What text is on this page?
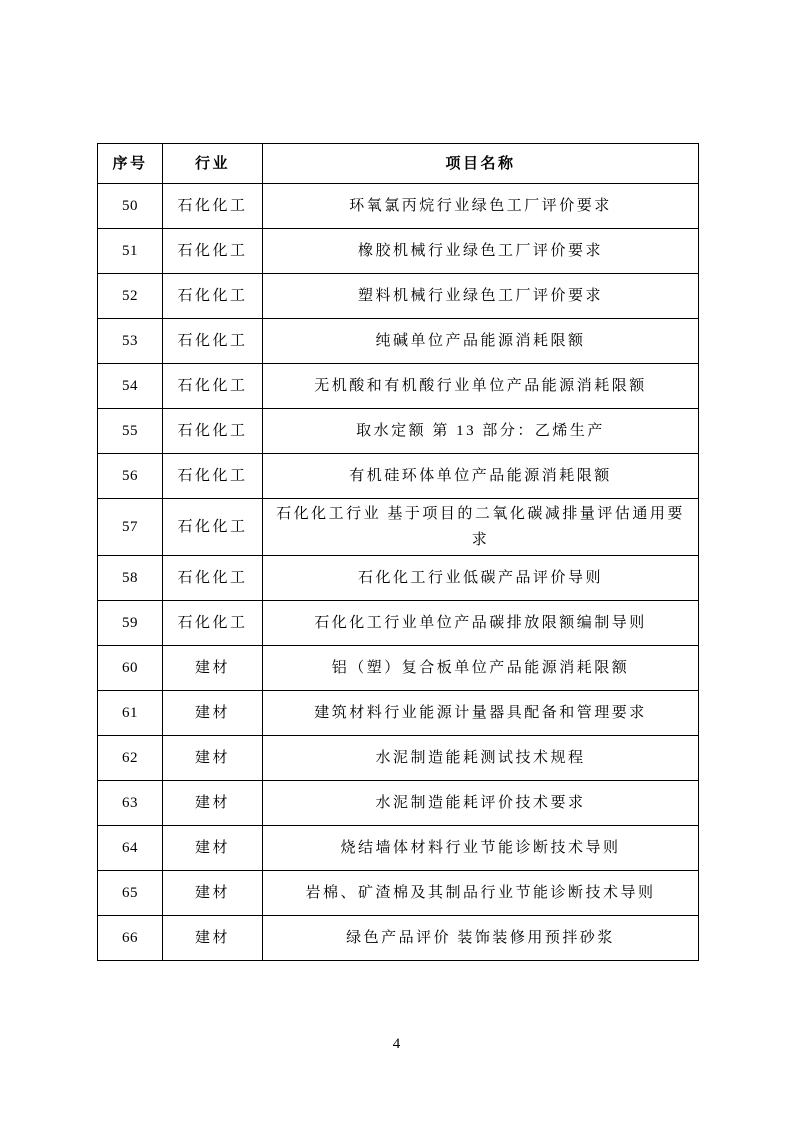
序号	行业	项目名称
50	石化化工	环氧氯丙烷行业绿色工厂评价要求
51	石化化工	橡胶机械行业绿色工厂评价要求
52	石化化工	塑料机械行业绿色工厂评价要求
53	石化化工	纯碱单位产品能源消耗限额
54	石化化工	无机酸和有机酸行业单位产品能源消耗限额
55	石化化工	取水定额 第 13 部分：乙烯生产
56	石化化工	有机硅环体单位产品能源消耗限额
57	石化化工	石化化工行业 基于项目的二氧化碳减排量评估通用要求
58	石化化工	石化化工行业低碳产品评价导则
59	石化化工	石化化工行业单位产品碳排放限额编制导则
60	建材	铝（塑）复合板单位产品能源消耗限额
61	建材	建筑材料行业能源计量器具配备和管理要求
62	建材	水泥制造能耗测试技术规程
63	建材	水泥制造能耗评价技术要求
64	建材	烧结墙体材料行业节能诊断技术导则
65	建材	岩棉、矿渣棉及其制品行业节能诊断技术导则
66	建材	绿色产品评价 装饰装修用预拌砂浆
4
